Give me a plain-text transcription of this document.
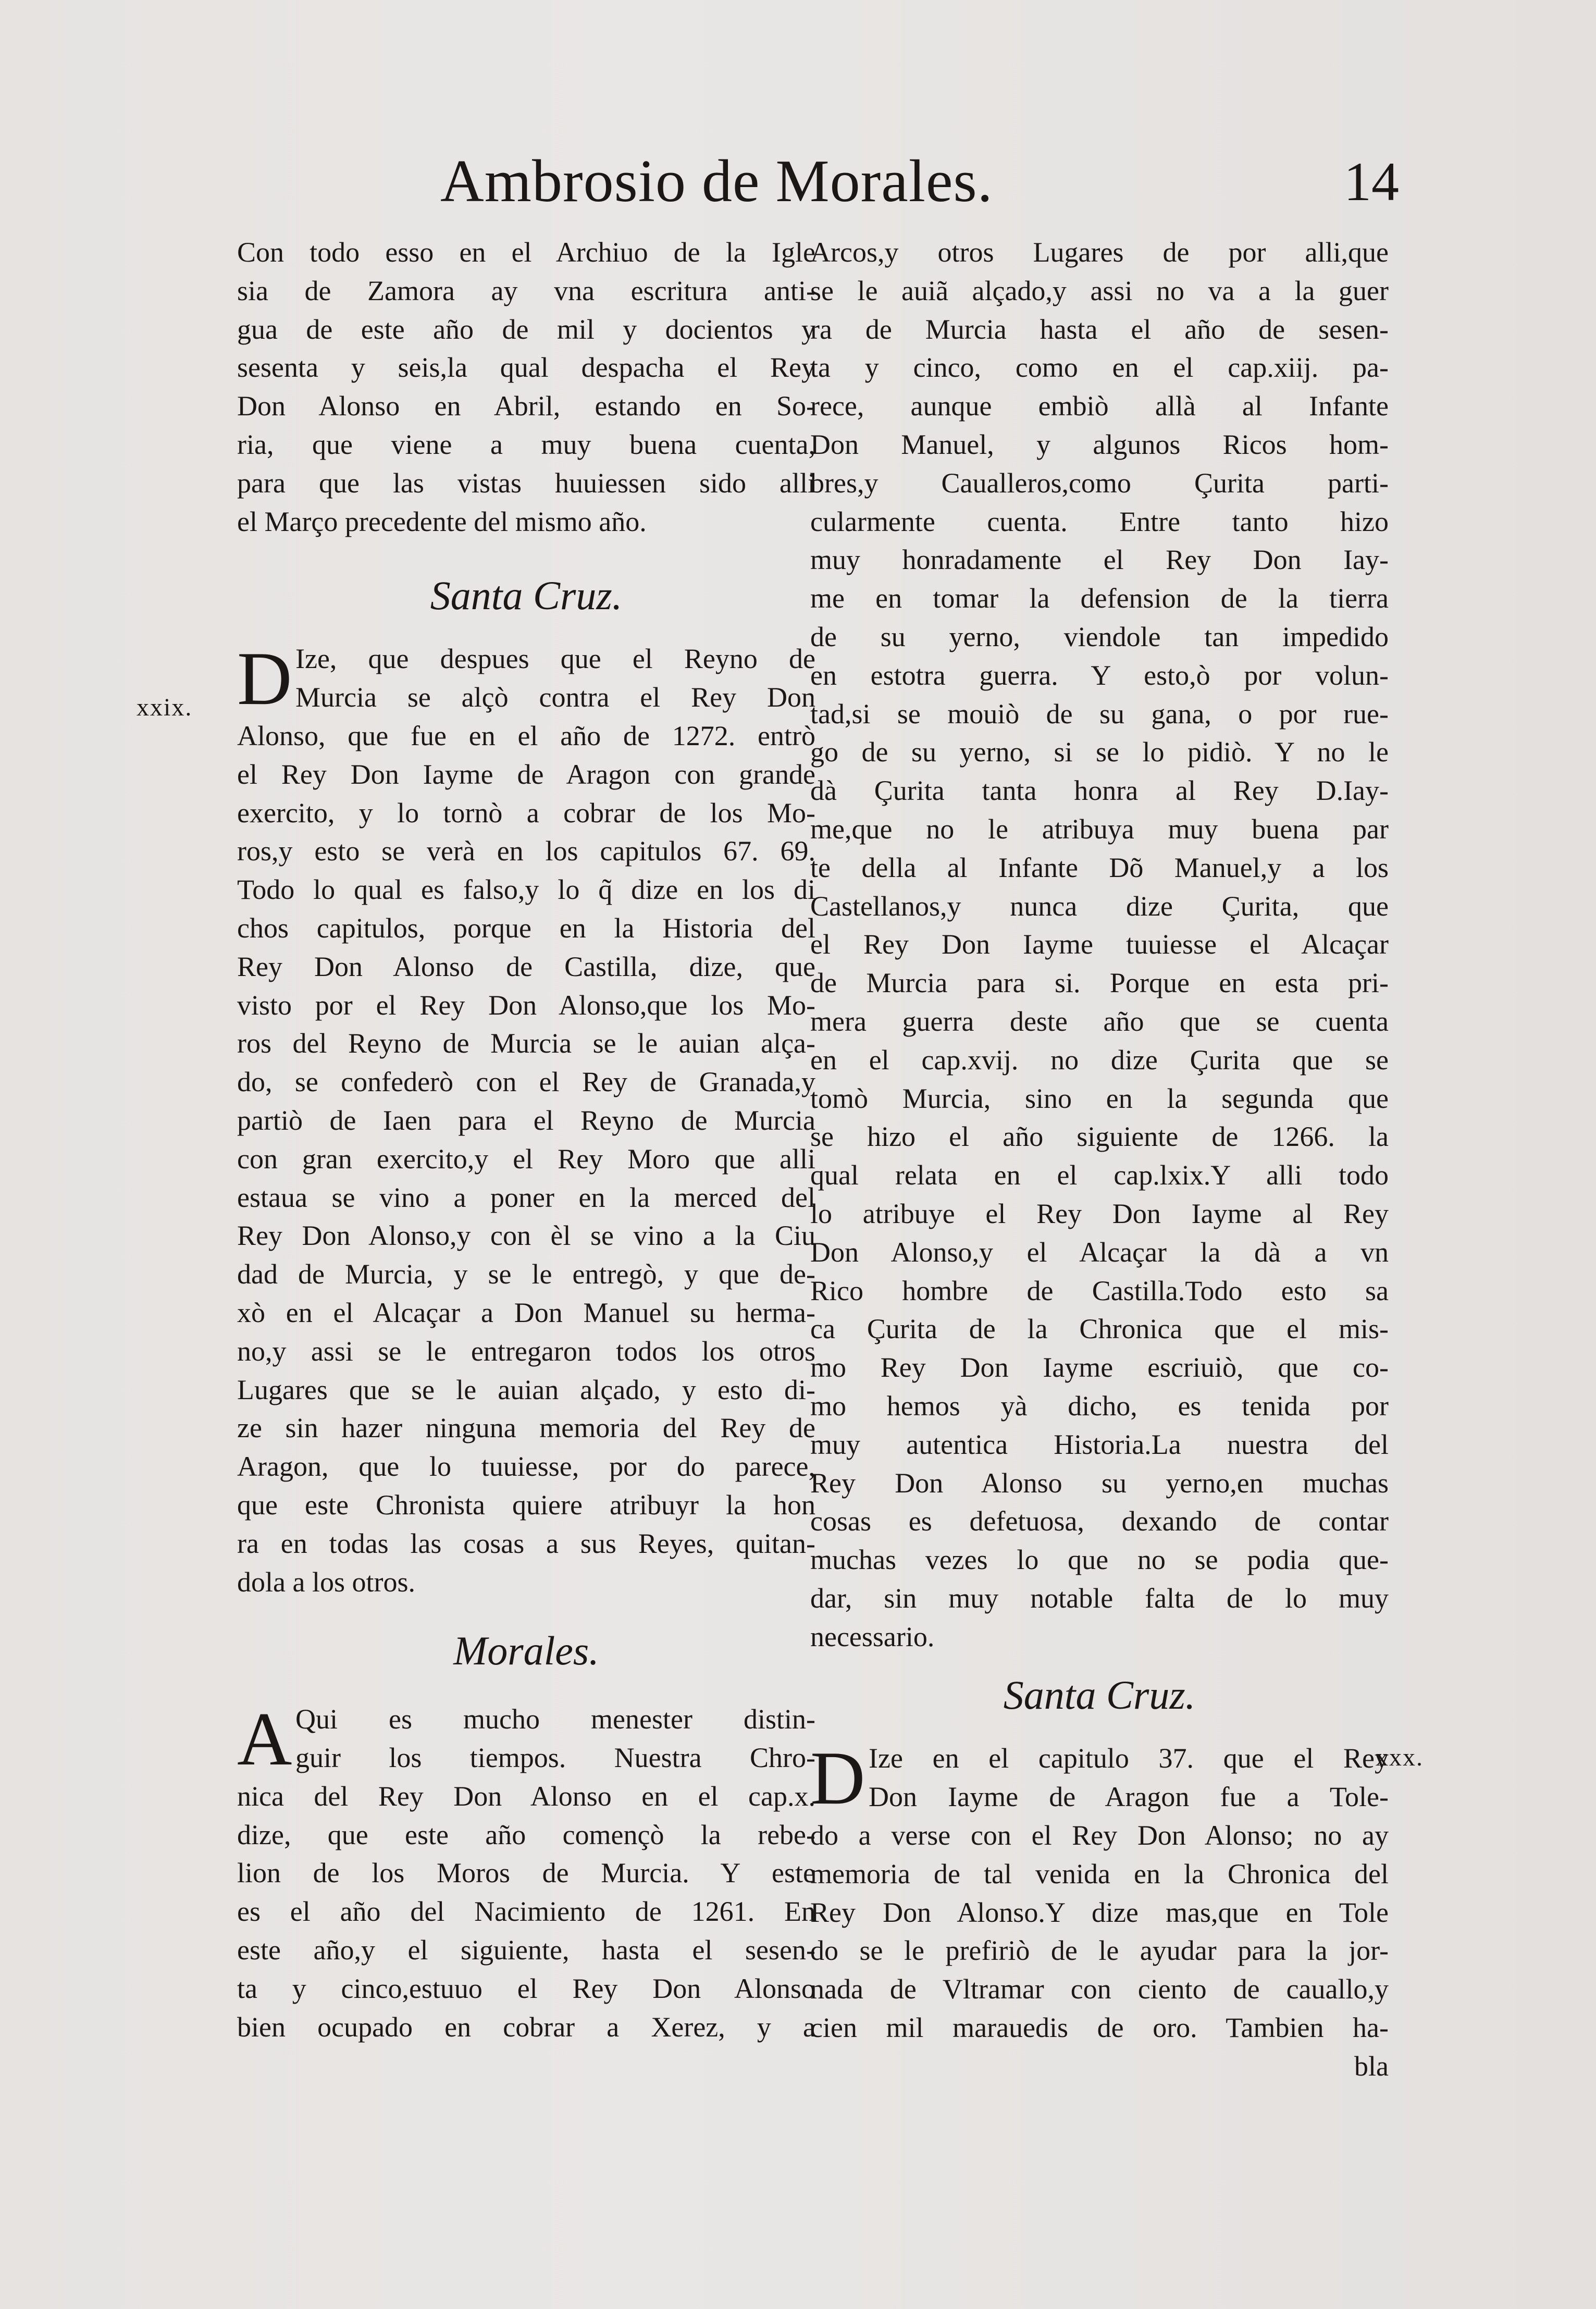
Ambrosio de Morales.	14
xxix.
xxx.
Con todo esso en el Archiuo de la Igle
sia de Zamora ay vna escritura anti-
gua de este año de mil y docientos y
sesenta y seis,la qual despacha el Rey
Don Alonso en Abril, estando en So-
ria, que viene a muy buena cuenta,
para que las vistas huuiessen sido alli
el Março precedente del mismo año.
Santa Cruz.
D Ize, que despues que el Reyno de
Murcia se alçò contra el Rey Don
Alonso, que fue en el año de 1272. entrò
el Rey Don Iayme de Aragon con grande
exercito, y lo tornò a cobrar de los Mo-
ros,y esto se verà en los capitulos 67. 69.
Todo lo qual es falso,y lo q̃ dize en los di
chos capitulos, porque en la Historia del
Rey Don Alonso de Castilla, dize, que
visto por el Rey Don Alonso,que los Mo-
ros del Reyno de Murcia se le auian alça-
do, se confederò con el Rey de Granada,y
partiò de Iaen para el Reyno de Murcia
con gran exercito,y el Rey Moro que alli
estaua se vino a poner en la merced del
Rey Don Alonso,y con èl se vino a la Ciu
dad de Murcia, y se le entregò, y que de-
xò en el Alcaçar a Don Manuel su herma-
no,y assi se le entregaron todos los otros
Lugares que se le auian alçado, y esto di-
ze sin hazer ninguna memoria del Rey de
Aragon, que lo tuuiesse, por do parece,
que este Chronista quiere atribuyr la hon
ra en todas las cosas a sus Reyes, quitan-
dola a los otros.
Morales.
A Qui es mucho menester distin-
guir los tiempos. Nuestra Chro-
nica del Rey Don Alonso en el cap.x.
dize, que este año començò la rebe-
lion de los Moros de Murcia. Y este
es el año del Nacimiento de 1261. En
este año,y el siguiente, hasta el sesen-
ta y cinco,estuuo el Rey Don Alonso
bien ocupado en cobrar a Xerez, y a
Arcos,y otros Lugares de por alli,que
se le auiã alçado,y assi no va a la guer
ra de Murcia hasta el año de sesen-
ta y cinco, como en el cap.xiij. pa-
rece, aunque embiò allà al Infante
Don Manuel, y algunos Ricos hom-
bres,y Caualleros,como Çurita parti-
cularmente cuenta. Entre tanto hizo
muy honradamente el Rey Don Iay-
me en tomar la defension de la tierra
de su yerno, viendole tan impedido
en estotra guerra. Y esto,ò por volun-
tad,si se mouiò de su gana, o por rue-
go de su yerno, si se lo pidiò. Y no le
dà Çurita tanta honra al Rey D.Iay-
me,que no le atribuya muy buena par
te della al Infante Dõ Manuel,y a los
Castellanos,y nunca dize Çurita, que
el Rey Don Iayme tuuiesse el Alcaçar
de Murcia para si. Porque en esta pri-
mera guerra deste año que se cuenta
en el cap.xvij. no dize Çurita que se
tomò Murcia, sino en la segunda que
se hizo el año siguiente de 1266. la
qual relata en el cap.lxix.Y alli todo
lo atribuye el Rey Don Iayme al Rey
Don Alonso,y el Alcaçar la dà a vn
Rico hombre de Castilla.Todo esto sa
ca Çurita de la Chronica que el mis-
mo Rey Don Iayme escriuiò, que co-
mo hemos yà dicho, es tenida por
muy autentica Historia.La nuestra del
Rey Don Alonso su yerno,en muchas
cosas es defetuosa, dexando de contar
muchas vezes lo que no se podia que-
dar, sin muy notable falta de lo muy
necessario.
Santa Cruz.
D Ize en el capitulo 37. que el Rey
Don Iayme de Aragon fue a Tole-
do a verse con el Rey Don Alonso; no ay
memoria de tal venida en la Chronica del
Rey Don Alonso.Y dize mas,que en Tole
do se le prefiriò de le ayudar para la jor-
nada de Vltramar con ciento de cauallo,y
cien mil marauedis de oro. Tambien ha-
bla
